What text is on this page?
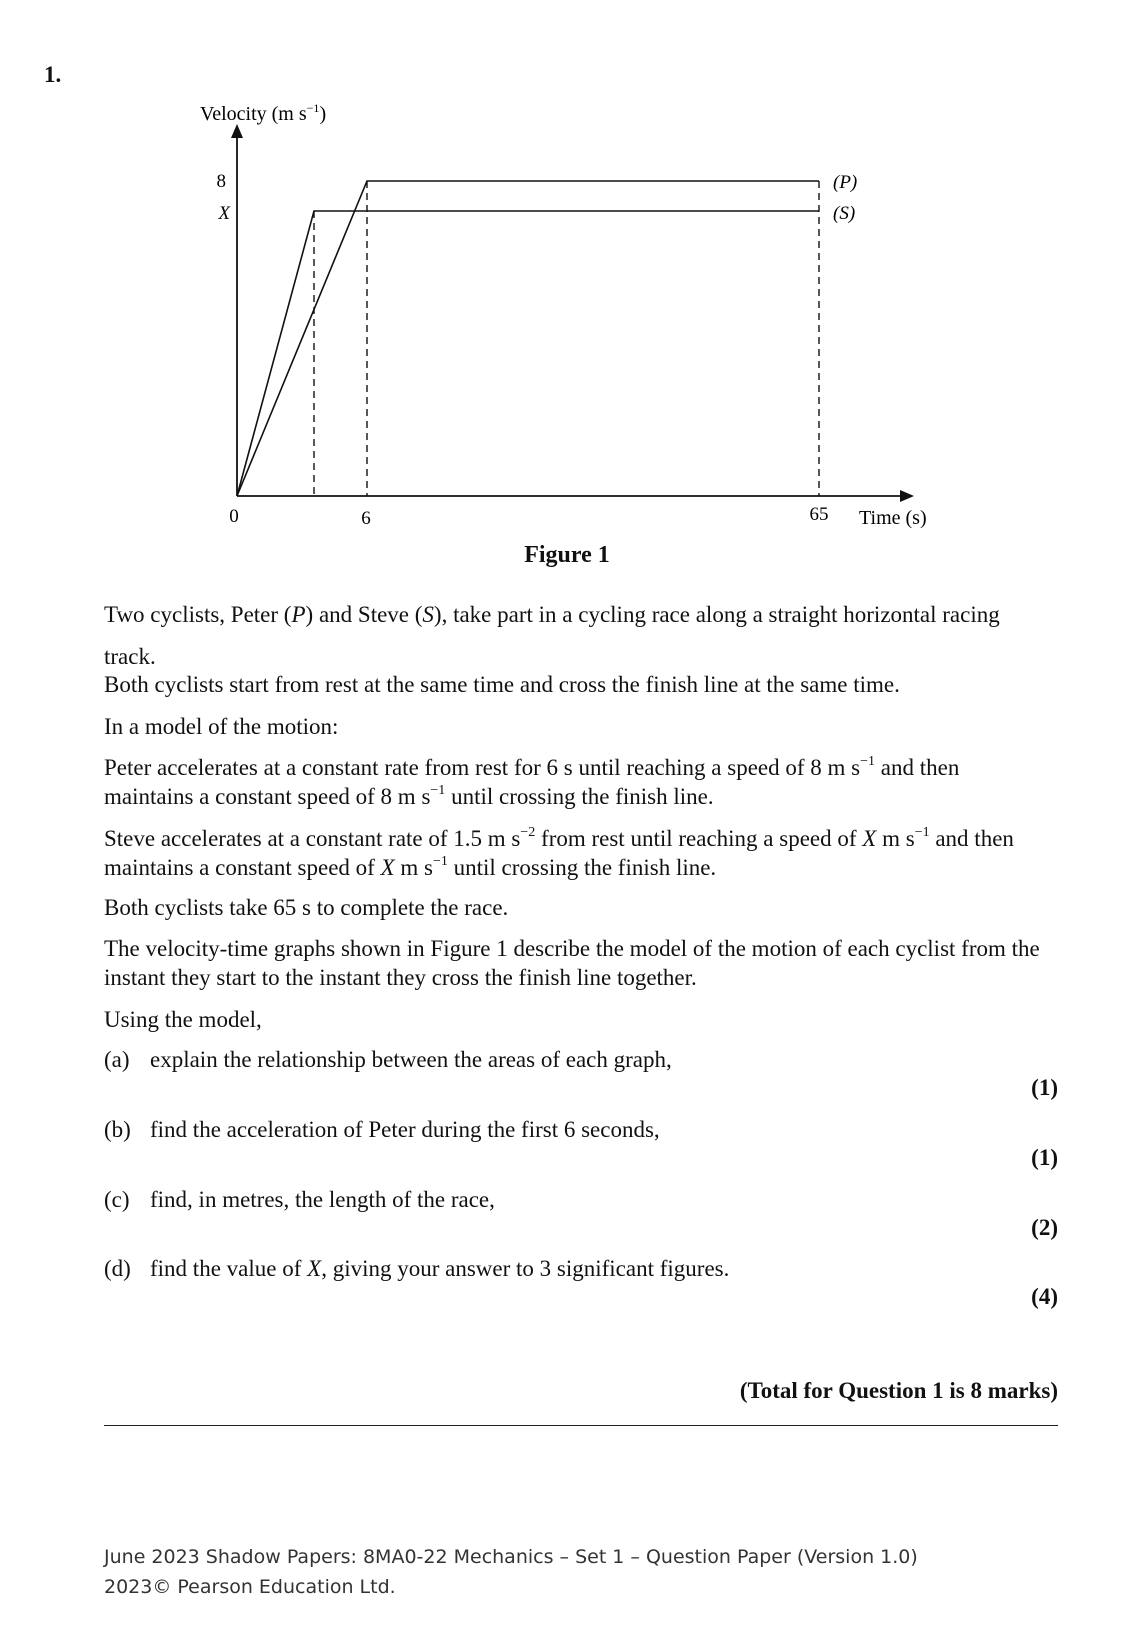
1.
Velocity (m $s^{-1}$)
8
X
0	6	65 Time (s)
(P)
(S)
Figure 1
Two cyclists, Peter (P) and Steve (S), take part in a cycling race along a straight horizontal racing track.
Both cyclists start from rest at the same time and cross the finish line at the same time.
In a model of the motion:
Peter accelerates at a constant rate from rest for 6 s until reaching a speed of 8 m $s^{-1}$ and then maintains a constant speed of 8 m $s^{-1}$ until crossing the finish line.
Steve accelerates at a constant rate of 1.5 m $s^{-2}$ from rest until reaching a speed of X m $s^{-1}$ and then maintains a constant speed of X m $s^{-1}$ until crossing the finish line.
Both cyclists take 65 s to complete the race.
The velocity-time graphs shown in Figure 1 describe the model of the motion of each cyclist from the instant they start to the instant they cross the finish line together.
Using the model,
(a) explain the relationship between the areas of each graph,
(1)
(b) find the acceleration of Peter during the first 6 seconds,
(1)
(c) find, in metres, the length of the race,
(2)
(d) find the value of X, giving your answer to 3 significant figures.
(4)
(Total for Question 1 is 8 marks)
June 2023 Shadow Papers: 8MA0-22 Mechanics – Set 1 – Question Paper (Version 1.0)
2023© Pearson Education Ltd.
